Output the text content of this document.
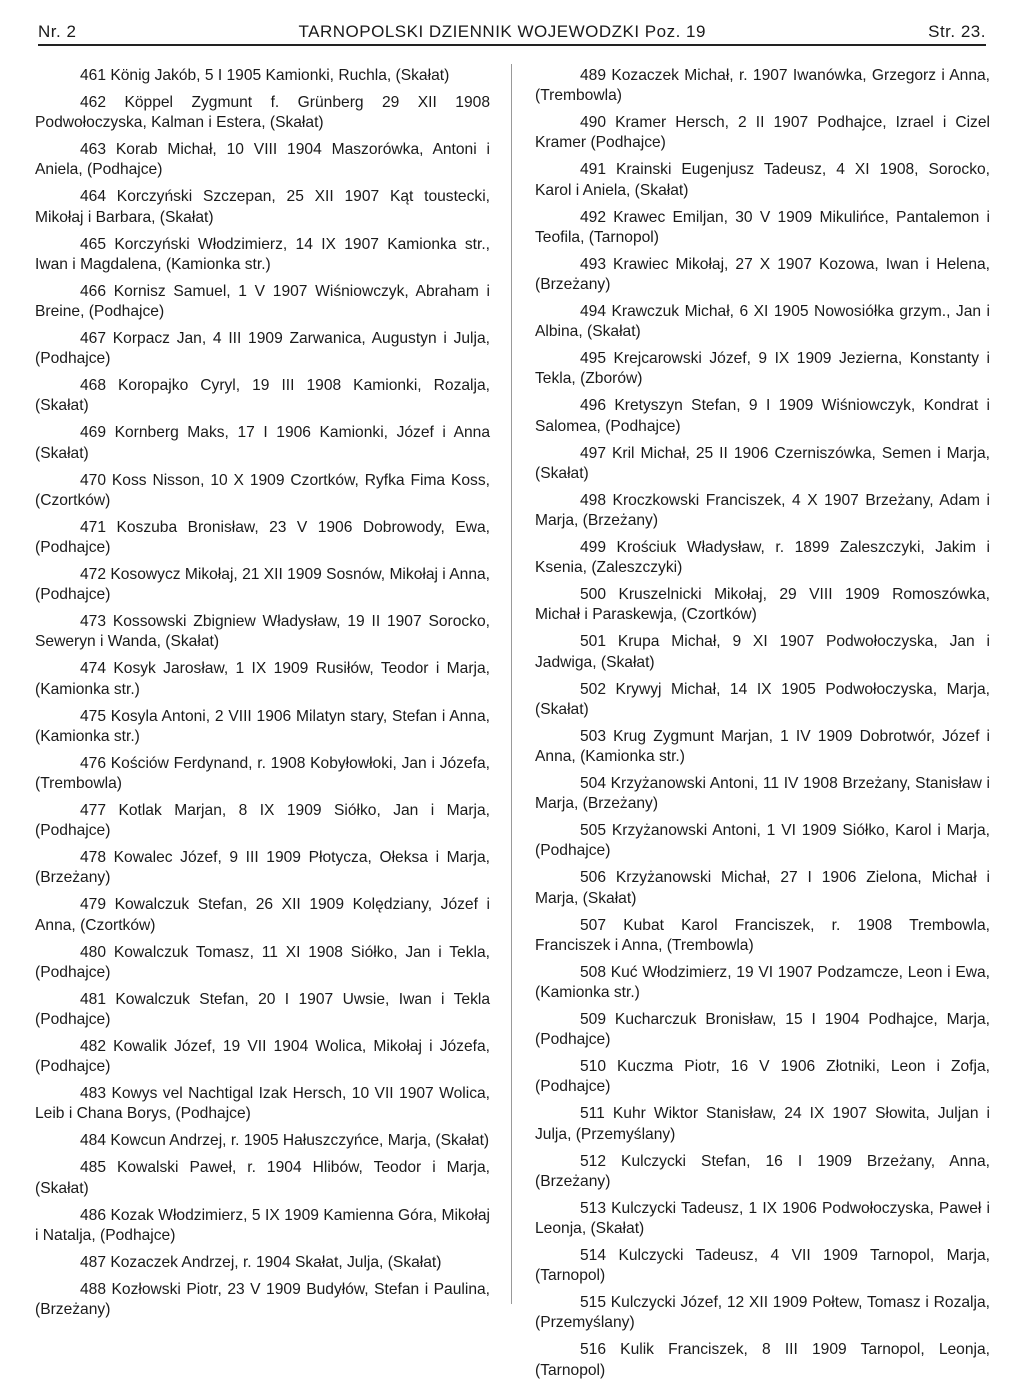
Nr. 2	TARNOPOLSKI DZIENNIK WOJEWODZKI Poz. 19	Str. 23.

461 König Jakób, 5 I 1905 Kamionki, Ruchla, (Skałat)

462 Köppel Zygmunt f. Grünberg 29 XII 1908 Podwołoczyska, Kalman i Estera, (Skałat)

463 Korab Michał, 10 VIII 1904 Maszorówka, Antoni i Aniela, (Podhajce)

464 Korczyński Szczepan, 25 XII 1907 Kąt toustecki, Mikołaj i Barbara, (Skałat)

465 Korczyński Włodzimierz, 14 IX 1907 Kamionka str., Iwan i Magdalena, (Kamionka str.)

466 Kornisz Samuel, 1 V 1907 Wiśniowczyk, Abraham i Breine, (Podhajce)

467 Korpacz Jan, 4 III 1909 Zarwanica, Augustyn i Julja, (Podhajce)

468 Koropajko Cyryl, 19 III 1908 Kamionki, Rozalja, (Skałat)

469 Kornberg Maks, 17 I 1906 Kamionki, Józef i Anna (Skałat)

470 Koss Nisson, 10 X 1909 Czortków, Ryfka Fima Koss, (Czortków)

471 Koszuba Bronisław, 23 V 1906 Dobrowody, Ewa, (Podhajce)

472 Kosowycz Mikołaj, 21 XII 1909 Sosnów, Mikołaj i Anna, (Podhajce)

473 Kossowski Zbigniew Władysław, 19 II 1907 Sorocko, Seweryn i Wanda, (Skałat)

474 Kosyk Jarosław, 1 IX 1909 Rusiłów, Teodor i Marja, (Kamionka str.)

475 Kosyla Antoni, 2 VIII 1906 Milatyn stary, Stefan i Anna, (Kamionka str.)

476 Kościów Ferdynand, r. 1908 Kobyłowłoki, Jan i Józefa, (Trembowla)

477 Kotlak Marjan, 8 IX 1909 Siółko, Jan i Marja, (Podhajce)

478 Kowalec Józef, 9 III 1909 Płotycza, Ołeksa i Marja, (Brzeżany)

479 Kowalczuk Stefan, 26 XII 1909 Kolędziany, Józef i Anna, (Czortków)

480 Kowalczuk Tomasz, 11 XI 1908 Siółko, Jan i Tekla, (Podhajce)

481 Kowalczuk Stefan, 20 I 1907 Uwsie, Iwan i Tekla (Podhajce)

482 Kowalik Józef, 19 VII 1904 Wolica, Mikołaj i Józefa, (Podhajce)

483 Kowys vel Nachtigal Izak Hersch, 10 VII 1907 Wolica, Leib i Chana Borys, (Podhajce)

484 Kowcun Andrzej, r. 1905 Hałuszczyńce, Marja, (Skałat)

485 Kowalski Paweł, r. 1904 Hlibów, Teodor i Marja, (Skałat)

486 Kozak Włodzimierz, 5 IX 1909 Kamienna Góra, Mikołaj i Natalja, (Podhajce)

487 Kozaczek Andrzej, r. 1904 Skałat, Julja, (Skałat)

488 Kozłowski Piotr, 23 V 1909 Budyłów, Stefan i Paulina, (Brzeżany)

489 Kozaczek Michał, r. 1907 Iwanówka, Grzegorz i Anna, (Trembowla)

490 Kramer Hersch, 2 II 1907 Podhajce, Izrael i Cizel Kramer (Podhajce)

491 Krainski Eugenjusz Tadeusz, 4 XI 1908, Sorocko, Karol i Aniela, (Skałat)

492 Krawec Emiljan, 30 V 1909 Mikulińce, Pantalemon i Teofila, (Tarnopol)

493 Krawiec Mikołaj, 27 X 1907 Kozowa, Iwan i Helena, (Brzeżany)

494 Krawczuk Michał, 6 XI 1905 Nowosiółka grzym., Jan i Albina, (Skałat)

495 Krejcarowski Józef, 9 IX 1909 Jezierna, Konstanty i Tekla, (Zborów)

496 Kretyszyn Stefan, 9 I 1909 Wiśniowczyk, Kondrat i Salomea, (Podhajce)

497 Kril Michał, 25 II 1906 Czerniszówka, Semen i Marja, (Skałat)

498 Kroczkowski Franciszek, 4 X 1907 Brzeżany, Adam i Marja, (Brzeżany)

499 Krościuk Władysław, r. 1899 Zaleszczyki, Jakim i Ksenia, (Zaleszczyki)

500 Kruszelnicki Mikołaj, 29 VIII 1909 Romoszówka, Michał i Paraskewja, (Czortków)

501 Krupa Michał, 9 XI 1907 Podwołoczyska, Jan i Jadwiga, (Skałat)

502 Krywyj Michał, 14 IX 1905 Podwołoczyska, Marja, (Skałat)

503 Krug Zygmunt Marjan, 1 IV 1909 Dobrotwór, Józef i Anna, (Kamionka str.)

504 Krzyżanowski Antoni, 11 IV 1908 Brzeżany, Stanisław i Marja, (Brzeżany)

505 Krzyżanowski Antoni, 1 VI 1909 Siółko, Karol i Marja, (Podhajce)

506 Krzyżanowski Michał, 27 I 1906 Zielona, Michał i Marja, (Skałat)

507 Kubat Karol Franciszek, r. 1908 Trembowla, Franciszek i Anna, (Trembowla)

508 Kuć Włodzimierz, 19 VI 1907 Podzamcze, Leon i Ewa, (Kamionka str.)

509 Kucharczuk Bronisław, 15 I 1904 Podhajce, Marja, (Podhajce)

510 Kuczma Piotr, 16 V 1906 Złotniki, Leon i Zofja, (Podhajce)

511 Kuhr Wiktor Stanisław, 24 IX 1907 Słowita, Juljan i Julja, (Przemyślany)

512 Kulczycki Stefan, 16 I 1909 Brzeżany, Anna, (Brzeżany)

513 Kulczycki Tadeusz, 1 IX 1906 Podwołoczyska, Paweł i Leonja, (Skałat)

514 Kulczycki Tadeusz, 4 VII 1909 Tarnopol, Marja, (Tarnopol)

515 Kulczycki Józef, 12 XII 1909 Połtew, Tomasz i Rozalja, (Przemyślany)

516 Kulik Franciszek, 8 III 1909 Tarnopol, Leonja, (Tarnopol)
